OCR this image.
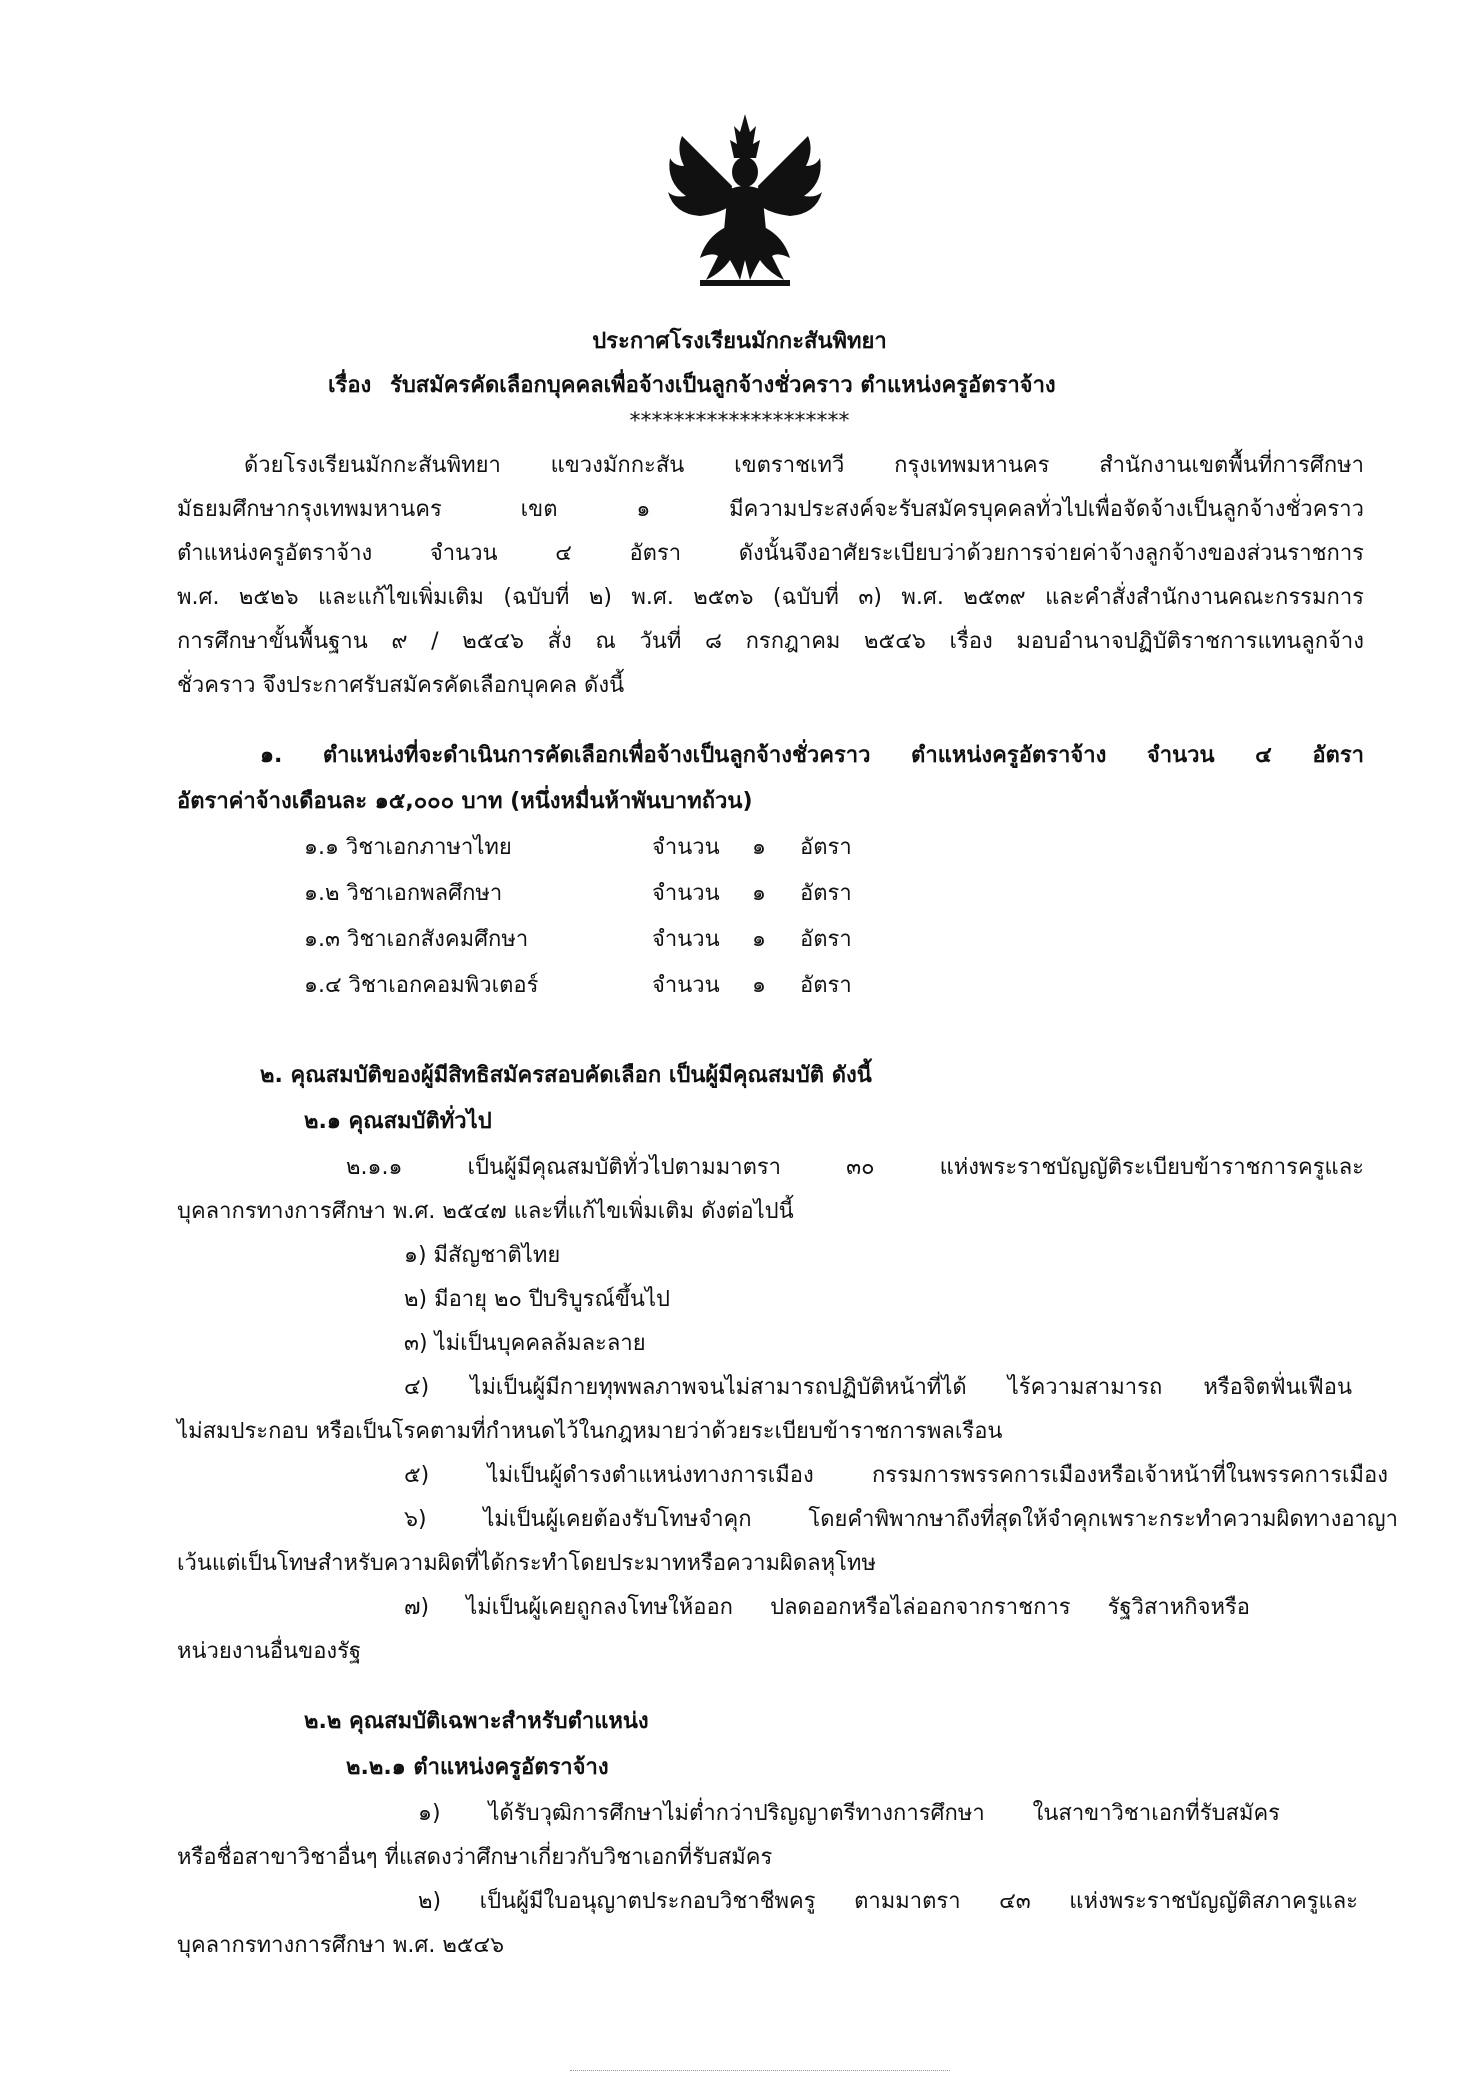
ประกาศโรงเรียนมักกะสันพิทยา
เรื่อง รับสมัครคัดเลือกบุคคลเพื่อจ้างเป็นลูกจ้างชั่วคราว ตำแหน่งครูอัตราจ้าง
********************
ด้วยโรงเรียนมักกะสันพิทยา แขวงมักกะสัน เขตราชเทวี กรุงเทพมหานคร สำนักงานเขตพื้นที่การศึกษา
มัธยมศึกษากรุงเทพมหานคร เขต ๑ มีความประสงค์จะรับสมัครบุคคลทั่วไปเพื่อจัดจ้างเป็นลูกจ้างชั่วคราว
ตำแหน่งครูอัตราจ้าง จำนวน ๔ อัตรา ดังนั้นจึงอาศัยระเบียบว่าด้วยการจ่ายค่าจ้างลูกจ้างของส่วนราชการ
พ.ศ. ๒๕๒๖ และแก้ไขเพิ่มเติม (ฉบับที่ ๒) พ.ศ. ๒๕๓๖ (ฉบับที่ ๓) พ.ศ. ๒๕๓๙ และคำสั่งสำนักงานคณะกรรมการ
การศึกษาขั้นพื้นฐาน ๙ / ๒๕๔๖ สั่ง ณ วันที่ ๘ กรกฎาคม ๒๕๔๖ เรื่อง มอบอำนาจปฏิบัติราชการแทนลูกจ้าง
ชั่วคราว จึงประกาศรับสมัครคัดเลือกบุคคล ดังนี้
๑. ตำแหน่งที่จะดำเนินการคัดเลือกเพื่อจ้างเป็นลูกจ้างชั่วคราว ตำแหน่งครูอัตราจ้าง จำนวน ๔ อัตรา
อัตราค่าจ้างเดือนละ ๑๕,๐๐๐ บาท (หนึ่งหมื่นห้าพันบาทถ้วน)
๑.๑ วิชาเอกภาษาไทย	จำนวน ๑ อัตรา
๑.๒ วิชาเอกพลศึกษา	จำนวน ๑ อัตรา
๑.๓ วิชาเอกสังคมศึกษา	จำนวน ๑ อัตรา
๑.๔ วิชาเอกคอมพิวเตอร์	จำนวน ๑ อัตรา
๒. คุณสมบัติของผู้มีสิทธิสมัครสอบคัดเลือก เป็นผู้มีคุณสมบัติ ดังนี้
๒.๑ คุณสมบัติทั่วไป
๒.๑.๑ เป็นผู้มีคุณสมบัติทั่วไปตามมาตรา ๓๐ แห่งพระราชบัญญัติระเบียบข้าราชการครูและ
บุคลากรทางการศึกษา พ.ศ. ๒๕๔๗ และที่แก้ไขเพิ่มเติม ดังต่อไปนี้
๑) มีสัญชาติไทย
๒) มีอายุ ๒๐ ปีบริบูรณ์ขึ้นไป
๓) ไม่เป็นบุคคลล้มละลาย
๔) ไม่เป็นผู้มีกายทุพพลภาพจนไม่สามารถปฏิบัติหน้าที่ได้ ไร้ความสามารถ หรือจิตฟั่นเฟือน
ไม่สมประกอบ หรือเป็นโรคตามที่กำหนดไว้ในกฎหมายว่าด้วยระเบียบข้าราชการพลเรือน
๕) ไม่เป็นผู้ดำรงตำแหน่งทางการเมือง กรรมการพรรคการเมืองหรือเจ้าหน้าที่ในพรรคการเมือง
๖) ไม่เป็นผู้เคยต้องรับโทษจำคุก โดยคำพิพากษาถึงที่สุดให้จำคุกเพราะกระทำความผิดทางอาญา
เว้นแต่เป็นโทษสำหรับความผิดที่ได้กระทำโดยประมาทหรือความผิดลหุโทษ
๗) ไม่เป็นผู้เคยถูกลงโทษให้ออก ปลดออกหรือไล่ออกจากราชการ รัฐวิสาหกิจหรือ
หน่วยงานอื่นของรัฐ
๒.๒ คุณสมบัติเฉพาะสำหรับตำแหน่ง
๒.๒.๑ ตำแหน่งครูอัตราจ้าง
๑) ได้รับวุฒิการศึกษาไม่ต่ำกว่าปริญญาตรีทางการศึกษา ในสาขาวิชาเอกที่รับสมัคร
หรือชื่อสาขาวิชาอื่นๆ ที่แสดงว่าศึกษาเกี่ยวกับวิชาเอกที่รับสมัคร
๒) เป็นผู้มีใบอนุญาตประกอบวิชาชีพครู ตามมาตรา ๔๓ แห่งพระราชบัญญัติสภาครูและ
บุคลากรทางการศึกษา พ.ศ. ๒๕๔๖
